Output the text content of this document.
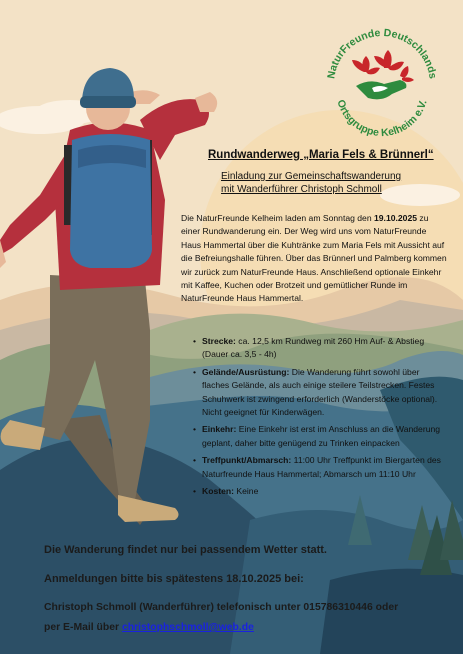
NaturFreunde Deutschlands
Ortsgruppe Kelheim e.V.
Rundwanderweg „Maria Fels & Brünnerl“
Einladung zur Gemeinschaftswanderung
mit Wanderführer Christoph Schmoll
Die NaturFreunde Kelheim laden am Sonntag den 19.10.2025 zu einer Rundwanderung ein. Der Weg wird uns vom NaturFreunde Haus Hammertal über die Kuhtränke zum Maria Fels mit Aussicht auf die Befreiungshalle führen. Über das Brünnerl und Palmberg kommen wir zurück zum NaturFreunde Haus. Anschließend optionale Einkehr mit Kaffee, Kuchen oder Brotzeit und gemütlicher Runde im NaturFreunde Haus Hammertal.
• Strecke: ca. 12,5 km Rundweg mit 260 Hm Auf- & Abstieg (Dauer ca. 3,5 - 4h)
• Gelände/Ausrüstung: Die Wanderung führt sowohl über flaches Gelände, als auch einige steilere Teilstrecken. Festes Schuhwerk ist zwingend erforderlich (Wanderstöcke optional). Nicht geeignet für Kinderwägen.
• Einkehr: Eine Einkehr ist erst im Anschluss an die Wanderung geplant, daher bitte genügend zu Trinken einpacken
• Treffpunkt/Abmarsch: 11:00 Uhr Treffpunkt im Biergarten des Naturfreunde Haus Hammertal; Abmarsch um 11:10 Uhr
• Kosten: Keine
Die Wanderung findet nur bei passendem Wetter statt.
Anmeldungen bitte bis spätestens 18.10.2025 bei:
Christoph Schmoll (Wanderführer) telefonisch unter 015786310446 oder
per E-Mail über christophschmoll@web.de
